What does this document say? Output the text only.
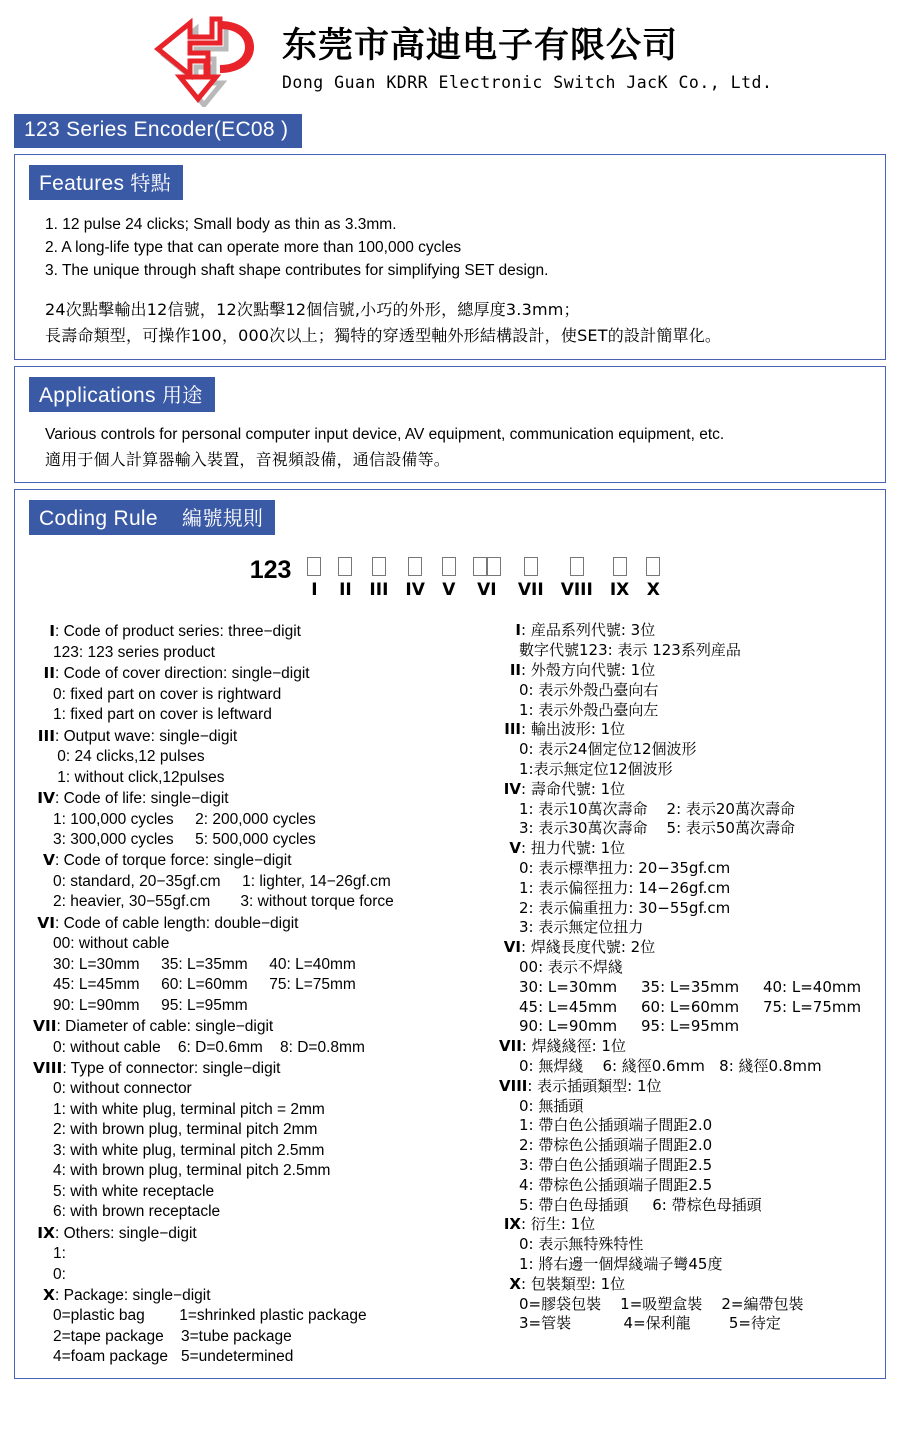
东莞市高迪电子有限公司
Dong Guan KDRR Electronic Switch JacK Co., Ltd.
123 Series Encoder(EC08 )
Features 特點
1. 12 pulse 24 clicks; Small body as thin as 3.3mm.
2. A long-life type that can operate more than 100,000 cycles
3. The unique through shaft shape contributes for simplifying SET design.
24次點擊輸出12信號，12次點擊12個信號,小巧的外形，總厚度3.3mm；
長壽命類型，可操作100，000次以上；獨特的穿透型軸外形結構設計，使SET的設計簡單化。
Applications 用途
Various controls for personal computer input device, AV equipment, communication equipment, etc.
適用于個人計算器輸入裝置，音視頻設備，通信設備等。
Coding Rule 編號規則
123
I II III IV V VI VII VIII IX X
I: Code of product series: three−digit
123: 123 series product
II: Code of cover direction: single−digit
0: fixed part on cover is rightward
1: fixed part on cover is leftward
III: Output wave: single−digit
0: 24 clicks,12 pulses
1: without click,12pulses
IV: Code of life: single−digit
1: 100,000 cycles     2: 200,000 cycles
3: 300,000 cycles     5: 500,000 cycles
V: Code of torque force: single−digit
0: standard, 20−35gf.cm     1: lighter, 14−26gf.cm
2: heavier, 30−55gf.cm       3: without torque force
VI: Code of cable length: double−digit
00: without cable
30: L=30mm     35: L=35mm     40: L=40mm
45: L=45mm     60: L=60mm     75: L=75mm
90: L=90mm     95: L=95mm
VII: Diameter of cable: single−digit
0: without cable    6: D=0.6mm    8: D=0.8mm
VIII: Type of connector: single−digit
0: without connector
1: with white plug, terminal pitch = 2mm
2: with brown plug, terminal pitch 2mm
3: with white plug, terminal pitch 2.5mm
4: with brown plug, terminal pitch 2.5mm
5: with white receptacle
6: with brown receptacle
IX: Others: single−digit
1:
0:
X: Package: single−digit
0=plastic bag        1=shrinked plastic package
2=tape package    3=tube package
4=foam package   5=undetermined
I: 産品系列代號: 3位
數字代號123: 表示 123系列産品
II: 外殼方向代號: 1位
0: 表示外殼凸臺向右
1: 表示外殼凸臺向左
III: 輸出波形: 1位
0: 表示24個定位12個波形
1:表示無定位12個波形
IV: 壽命代號: 1位
1: 表示10萬次壽命    2: 表示20萬次壽命
3: 表示30萬次壽命    5: 表示50萬次壽命
V: 扭力代號: 1位
0: 表示標準扭力: 20−35gf.cm
1: 表示偏徑扭力: 14−26gf.cm
2: 表示偏重扭力: 30−55gf.cm
3: 表示無定位扭力
VI: 焊綫長度代號: 2位
00: 表示不焊綫
30: L=30mm     35: L=35mm     40: L=40mm
45: L=45mm     60: L=60mm     75: L=75mm
90: L=90mm     95: L=95mm
VII: 焊綫綫徑: 1位
0: 無焊綫    6: 綫徑0.6mm   8: 綫徑0.8mm
VIII: 表示插頭類型: 1位
0: 無插頭
1: 帶白色公插頭端子間距2.0
2: 帶棕色公插頭端子間距2.0
3: 帶白色公插頭端子間距2.5
4: 帶棕色公插頭端子間距2.5
5: 帶白色母插頭     6: 帶棕色母插頭
IX: 衍生: 1位
0: 表示無特殊特性
1: 將右邊一個焊綫端子彎45度
X: 包裝類型: 1位
0=膠袋包裝    1=吸塑盒裝    2=編帶包裝
3=管裝           4=保利龍        5=待定
